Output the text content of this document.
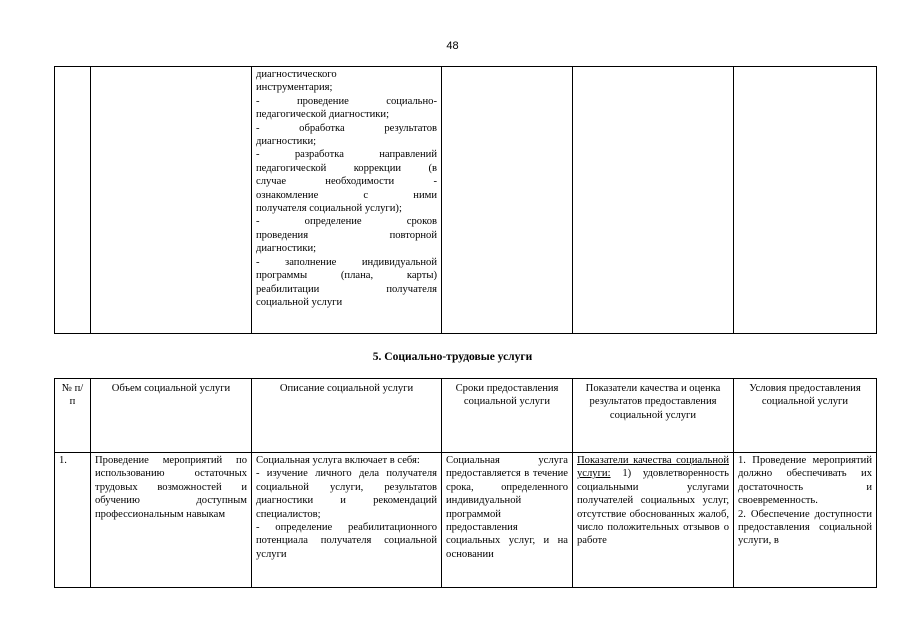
48

диагностического
инструментария;
- проведение социально-
педагогической диагностики;
- обработка результатов
диагностики;
- разработка направлений
педагогической коррекции (в
случае необходимости -
ознакомление с ними
получателя социальной услуги);
- определение сроков
проведения повторной
диагностики;
- заполнение индивидуальной
программы (плана, карты)
реабилитации получателя
социальной услуги

5. Социально-трудовые услуги
№ п/п	Объем социальной услуги	Описание социальной услуги	Сроки предоставления социальной услуги	Показатели качества и оценка результатов предоставления социальной услуги	Условия предоставления социальной услуги
1.	Проведение мероприятий по использованию остаточных трудовых возможностей и обучению доступным профессиональным навыкам	Социальная услуга включает в себя:
- изучение личного дела получателя социальной услуги, результатов диагностики и рекомендаций специалистов;
- определение реабилитационного потенциала получателя социальной услуги	Социальная услуга предоставляется в течение срока, определенного индивидуальной программой предоставления социальных услуг, и на основании	Показатели качества социальной услуги: 1) удовлетворенность социальными услугами получателей социальных услуг, отсутствие обоснованных жалоб, число положительных отзывов о работе	1. Проведение мероприятий должно обеспечивать их достаточность и своевременность.
2. Обеспечение доступности предоставления социальной услуги, в
